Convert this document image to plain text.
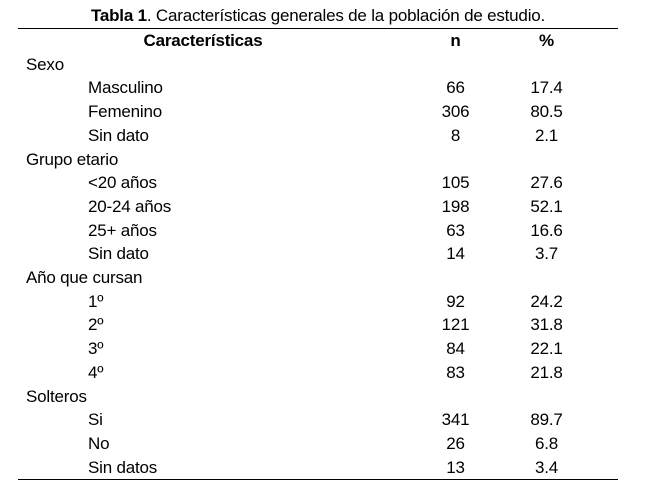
Tabla 1. Características generales de la población de estudio.
Características	n	%
Sexo		
Masculino	66	17.4
Femenino	306	80.5
Sin dato	8	2.1
Grupo etario		
<20 años	105	27.6
20-24 años	198	52.1
25+ años	63	16.6
Sin dato	14	3.7
Año que cursan		
1º	92	24.2
2º	121	31.8
3º	84	22.1
4º	83	21.8
Solteros		
Si	341	89.7
No	26	6.8
Sin datos	13	3.4
